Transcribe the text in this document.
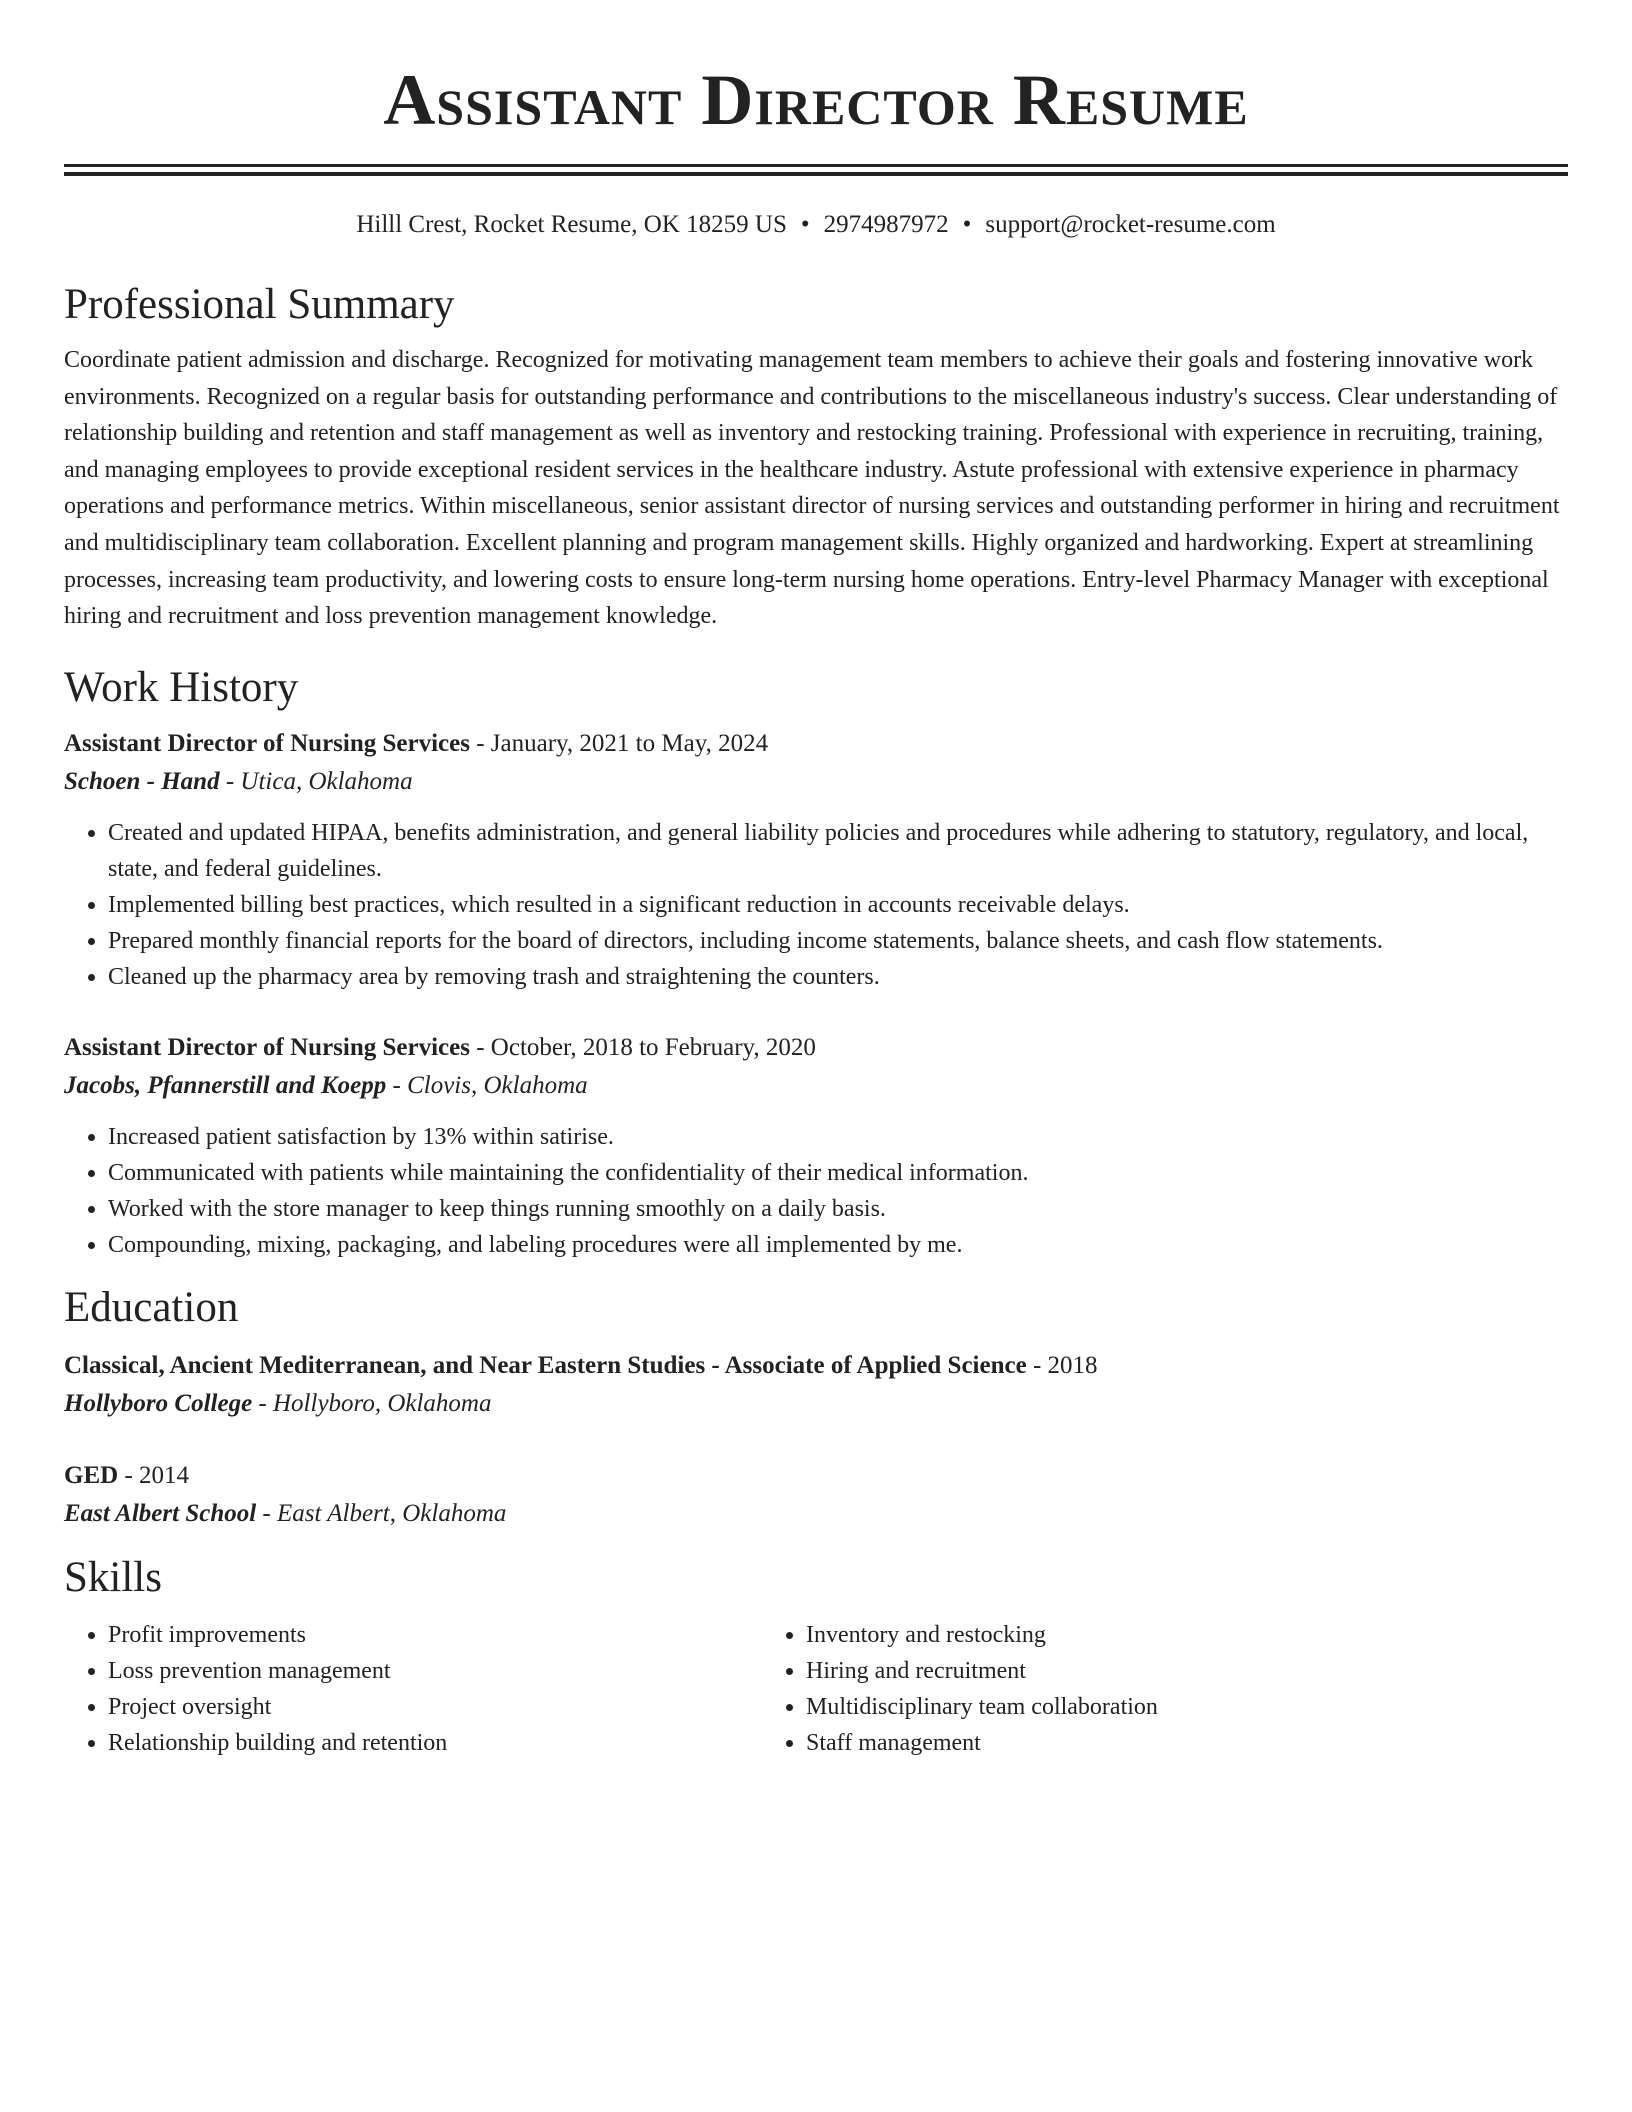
Assistant Director Resume
Hilll Crest, Rocket Resume, OK 18259 US • 2974987972 • support@rocket-resume.com
Professional Summary

Coordinate patient admission and discharge. Recognized for motivating management team members to achieve their goals and fostering innovative work environments. Recognized on a regular basis for outstanding performance and contributions to the miscellaneous industry's success. Clear understanding of relationship building and retention and staff management as well as inventory and restocking training. Professional with experience in recruiting, training, and managing employees to provide exceptional resident services in the healthcare industry. Astute professional with extensive experience in pharmacy operations and performance metrics. Within miscellaneous, senior assistant director of nursing services and outstanding performer in hiring and recruitment and multidisciplinary team collaboration. Excellent planning and program management skills. Highly organized and hardworking. Expert at streamlining processes, increasing team productivity, and lowering costs to ensure long-term nursing home operations. Entry-level Pharmacy Manager with exceptional hiring and recruitment and loss prevention management knowledge.

Work History
Assistant Director of Nursing Services - January, 2021 to May, 2024
Schoen - Hand - Utica, Oklahoma
• Created and updated HIPAA, benefits administration, and general liability policies and procedures while adhering to statutory, regulatory, and local, state, and federal guidelines.
• Implemented billing best practices, which resulted in a significant reduction in accounts receivable delays.
• Prepared monthly financial reports for the board of directors, including income statements, balance sheets, and cash flow statements.
• Cleaned up the pharmacy area by removing trash and straightening the counters.
Assistant Director of Nursing Services - October, 2018 to February, 2020
Jacobs, Pfannerstill and Koepp - Clovis, Oklahoma
• Increased patient satisfaction by 13% within satirise.
• Communicated with patients while maintaining the confidentiality of their medical information.
• Worked with the store manager to keep things running smoothly on a daily basis.
• Compounding, mixing, packaging, and labeling procedures were all implemented by me.
Education
Classical, Ancient Mediterranean, and Near Eastern Studies - Associate of Applied Science - 2018
Hollyboro College - Hollyboro, Oklahoma
GED - 2014
East Albert School - East Albert, Oklahoma
Skills
• Profit improvements
• Loss prevention management
• Project oversight
• Relationship building and retention
• Inventory and restocking
• Hiring and recruitment
• Multidisciplinary team collaboration
• Staff management
